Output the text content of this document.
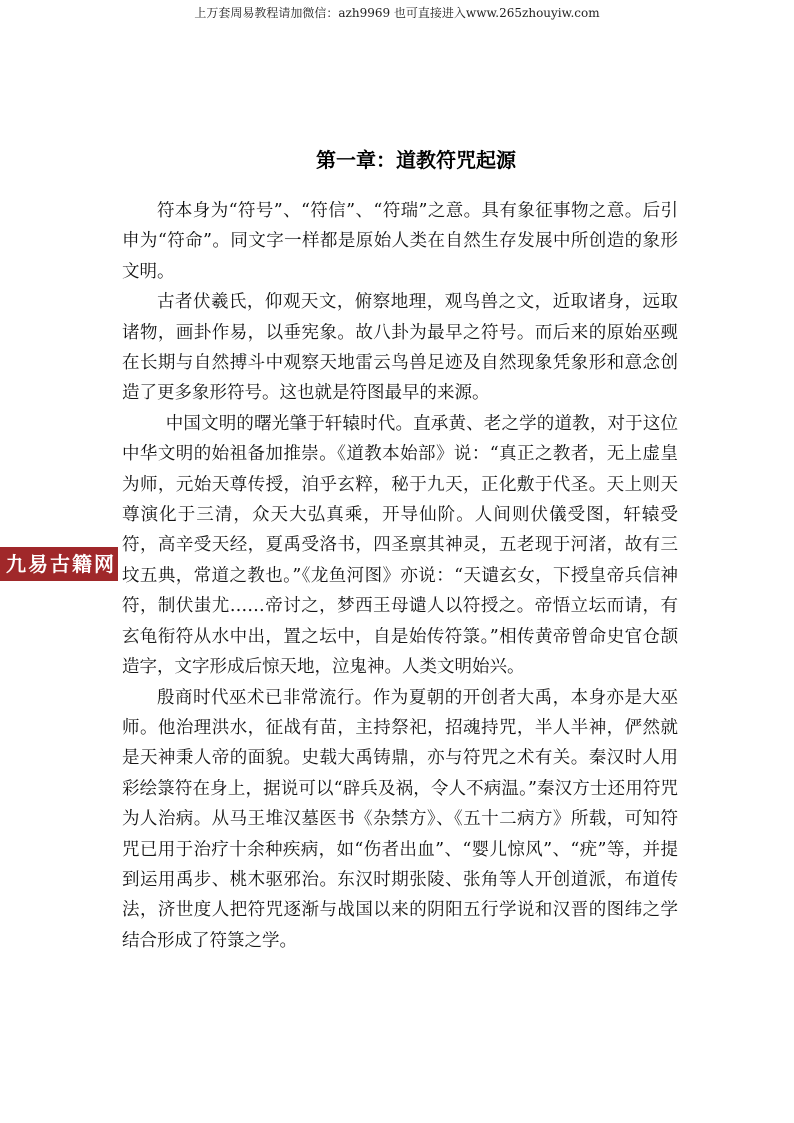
上万套周易教程请加微信：azh9969 也可直接进入www.265zhouyiw.com
第一章：道教符咒起源

符本身为“符号”、“符信”、“符瑞”之意。具有象征事物之意。后引申为“符命”。同文字一样都是原始人类在自然生存发展中所创造的象形文明。

古者伏羲氏，仰观天文，俯察地理，观鸟兽之文，近取诸身，远取诸物，画卦作易，以垂宪象。故八卦为最早之符号。而后来的原始巫觋在长期与自然搏斗中观察天地雷云鸟兽足迹及自然现象凭象形和意念创造了更多象形符号。这也就是符图最早的来源。

中国文明的曙光肇于轩辕时代。直承黄、老之学的道教，对于这位中华文明的始祖备加推崇。《道教本始部》说：“真正之教者，无上虚皇为师，元始天尊传授，洎乎玄粹，秘于九天，正化敷于代圣。天上则天尊演化于三清，众天大弘真乘，开导仙阶。人间则伏儀受图，轩辕受符，高辛受天经，夏禹受洛书，四圣禀其神灵，五老现于河渚，故有三坟五典，常道之教也。”《龙鱼河图》亦说：“天谴玄女，下授皇帝兵信神符，制伏蚩尤……帝讨之，梦西王母谴人以符授之。帝悟立坛而请，有玄龟衔符从水中出，置之坛中，自是始传符箓。”相传黄帝曾命史官仓颉造字，文字形成后惊天地，泣鬼神。人类文明始兴。

殷商时代巫术已非常流行。作为夏朝的开创者大禹，本身亦是大巫师。他治理洪水，征战有苗，主持祭祀，招魂持咒，半人半神，俨然就是天神秉人帝的面貌。史载大禹铸鼎，亦与符咒之术有关。秦汉时人用彩绘箓符在身上，据说可以“辟兵及祸，令人不病温。”秦汉方士还用符咒为人治病。从马王堆汉墓医书《杂禁方》、《五十二病方》所载，可知符咒已用于治疗十余种疾病，如“伤者出血”、“婴儿惊风”、“疣”等，并提到运用禹步、桃木驱邪治。东汉时期张陵、张角等人开创道派，布道传法，济世度人把符咒逐渐与战国以来的阴阳五行学说和汉晋的图纬之学结合形成了符箓之学。

九易古籍网
